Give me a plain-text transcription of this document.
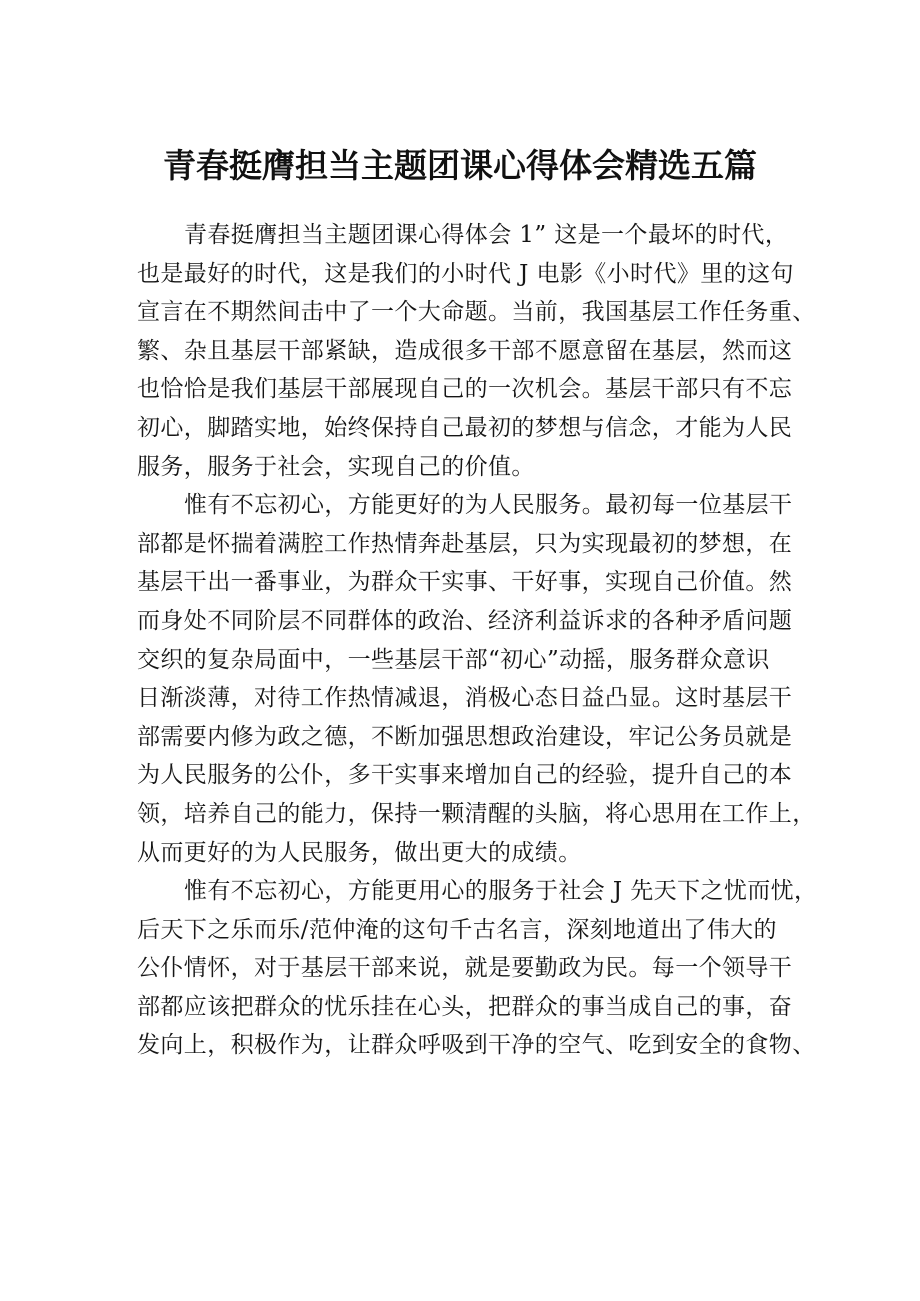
青春挺膺担当主题团课心得体会精选五篇
青春挺膺担当主题团课心得体会 1” 这是一个最坏的时代，
也是最好的时代，这是我们的小时代 J 电影《小时代》里的这句
宣言在不期然间击中了一个大命题。当前，我国基层工作任务重、
繁、杂且基层干部紧缺，造成很多干部不愿意留在基层，然而这
也恰恰是我们基层干部展现自己的一次机会。基层干部只有不忘
初心，脚踏实地，始终保持自己最初的梦想与信念，才能为人民
服务，服务于社会，实现自己的价值。
惟有不忘初心，方能更好的为人民服务。最初每一位基层干
部都是怀揣着满腔工作热情奔赴基层，只为实现最初的梦想，在
基层干出一番事业，为群众干实事、干好事，实现自己价值。然
而身处不同阶层不同群体的政治、经济利益诉求的各种矛盾问题
交织的复杂局面中，一些基层干部“初心”动摇，服务群众意识
日渐淡薄，对待工作热情减退，消极心态日益凸显。这时基层干
部需要内修为政之德，不断加强思想政治建设，牢记公务员就是
为人民服务的公仆，多干实事来增加自己的经验，提升自己的本
领，培养自己的能力，保持一颗清醒的头脑，将心思用在工作上，
从而更好的为人民服务，做出更大的成绩。
惟有不忘初心，方能更用心的服务于社会 J 先天下之忧而忧，
后天下之乐而乐/范仲淹的这句千古名言，深刻地道出了伟大的
公仆情怀，对于基层干部来说，就是要勤政为民。每一个领导干
部都应该把群众的忧乐挂在心头，把群众的事当成自己的事，奋
发向上，积极作为，让群众呼吸到干净的空气、吃到安全的食物、
